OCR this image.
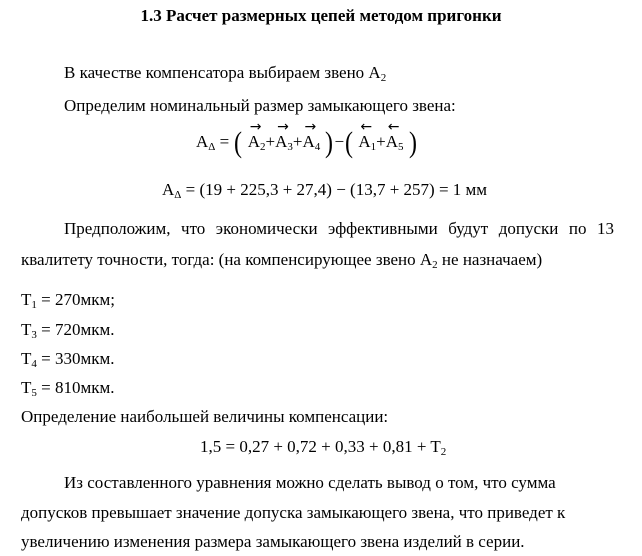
1.3 Расчет размерных цепей методом пригонки
В качестве компенсатора выбираем звено $А_2$
Определим номинальный размер замыкающего звена:
$A_\Delta$ = ( → $A_2+\to A_3+\to A_4$ )−( ← $A_1+\leftarrow$ $A_5$ )
$A_\Delta = (19 + 225,3 + 27,4) - (13,7 + 257) = 1$ мм
Предположим, что экономически эффективными будут допуски по 13
квалитету точности, тогда: (на компенсирующее звено $А_2$ не назначаем)
$T_1 = 270мкм$;
$T_3 = 720мкм$.
$T_4 = 330мкм$.
$T_5 = 810мкм$.
Определение наибольшей величины компенсации:
$1,5 = 0,27 + 0,72 + 0,33 + 0,81 + T_2$
Из составленного уравнения можно сделать вывод о том, что сумма
допусков превышает значение допуска замыкающего звена, что приведет к
увеличению изменения размера замыкающего звена изделий в серии.
